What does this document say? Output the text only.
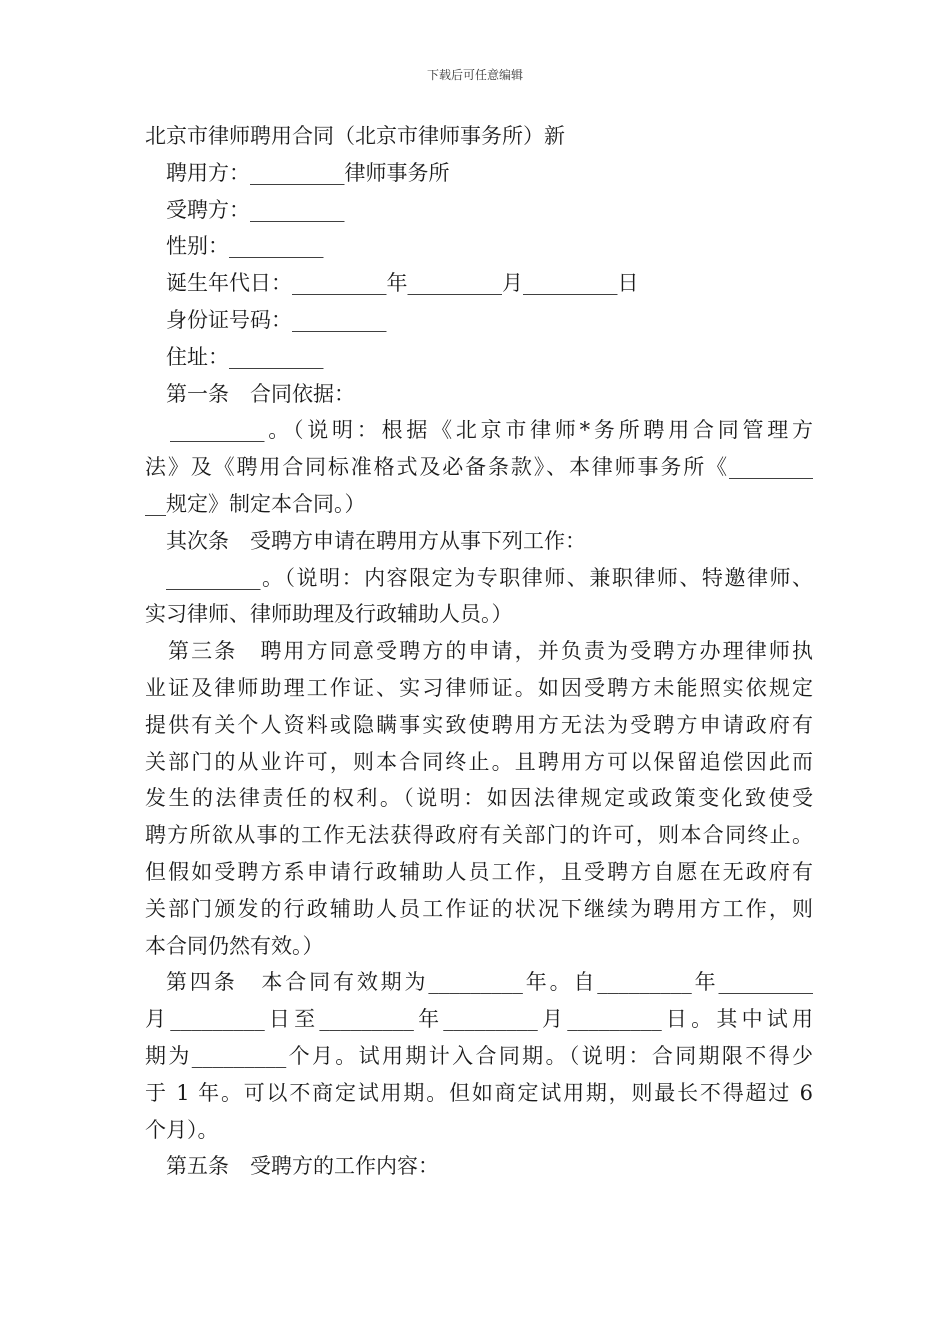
下载后可任意编辑
北京市律师聘用合同（北京市律师事务所）新
聘用方：_________律师事务所
受聘方：_________
性别：_________
诞生年代日：_________年_________月_________日
身份证号码：_________
住址：_________
第一条　合同依据：
_________。（说明：根据《北京市律师*务所聘用合同管理方
法》及《聘用合同标准格式及必备条款》、本律师事务所《________
__规定》制定本合同。）
其次条　受聘方申请在聘用方从事下列工作：
_________。（说明：内容限定为专职律师、兼职律师、特邀律师、
实习律师、律师助理及行政辅助人员。）
第三条　聘用方同意受聘方的申请，并负责为受聘方办理律师执
业证及律师助理工作证、实习律师证。如因受聘方未能照实依规定
提供有关个人资料或隐瞒事实致使聘用方无法为受聘方申请政府有
关部门的从业许可，则本合同终止。且聘用方可以保留追偿因此而
发生的法律责任的权利。（说明：如因法律规定或政策变化致使受
聘方所欲从事的工作无法获得政府有关部门的许可，则本合同终止。
但假如受聘方系申请行政辅助人员工作，且受聘方自愿在无政府有
关部门颁发的行政辅助人员工作证的状况下继续为聘用方工作，则
本合同仍然有效。）
第四条　本合同有效期为_________年。自_________年_________
月_________日至_________年_________月_________日。其中试用
期为_________个月。试用期计入合同期。（说明：合同期限不得少
于 1 年。可以不商定试用期。但如商定试用期，则最长不得超过 6
个月）。
第五条　受聘方的工作内容：
